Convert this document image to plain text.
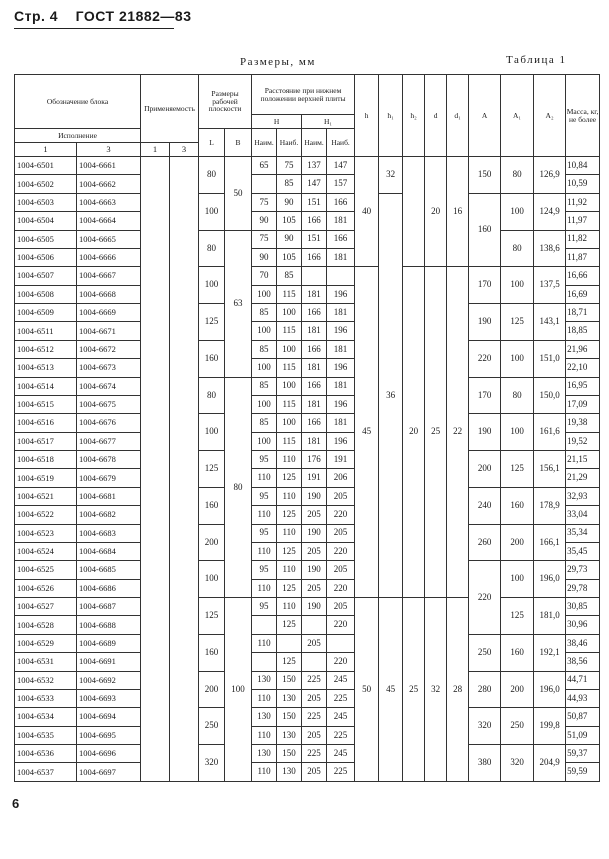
Стр. 4 ГОСТ 21882—83
Размеры, мм	Таблица 1
Обозначение блока		Применяемость		Размеры рабочей плоскости		Расстояние при нижнем положении верхней плиты				h	h₁	h₂	d	d₁	A	A₁	A₂	Масса, кг, не более
						H		H₁										
Исполнение				L	B	Наим.	Наиб.	Наим.	Наиб.									
1	3	1	3															
1004-6501	1004-6661			80	50	65	75	137	147	40	32		20	16	150	80	126,9	10,84
1004-6502	1004-6662						85	147	157									10,59
1004-6503	1004-6663			100		75	90	151	166		36				160	100	124,9	11,92
1004-6504	1004-6664					90	105	166	181									11,97
1004-6505	1004-6665			80	63	75	90	151	166							80	138,6	11,82
1004-6506	1004-6666					90	105	166	181									11,87
1004-6507	1004-6667			100		70	85			45		20	25	22	170	100	137,5	16,66
1004-6508	1004-6668					100	115	181	196									16,69
1004-6509	1004-6669			125		85	100	166	181						190	125	143,1	18,71
1004-6511	1004-6671					100	115	181	196									18,85
1004-6512	1004-6672			160		85	100	166	181						220	100	151,0	21,96
1004-6513	1004-6673					100	115	181	196									22,10
1004-6514	1004-6674			80	80	85	100	166	181						170	80	150,0	16,95
1004-6515	1004-6675					100	115	181	196									17,09
1004-6516	1004-6676			100		85	100	166	181						190	100	161,6	19,38
1004-6517	1004-6677					100	115	181	196									19,52
1004-6518	1004-6678			125		95	110	176	191						200	125	156,1	21,15
1004-6519	1004-6679					110	125	191	206									21,29
1004-6521	1004-6681			160		95	110	190	205						240	160	178,9	32,93
1004-6522	1004-6682					110	125	205	220									33,04
1004-6523	1004-6683			200		95	110	190	205						260	200	166,1	35,34
1004-6524	1004-6684					110	125	205	220									35,45
1004-6525	1004-6685			100		95	110	190	205						220	100	196,0	29,73
1004-6526	1004-6686					110	125	205	220									29,78
1004-6527	1004-6687			125	100	95	110	190	205	50	45	25	32	28		125	181,0	30,85
1004-6528	1004-6688						125		220									30,96
1004-6529	1004-6689			160		110		205							250	160	192,1	38,46
1004-6531	1004-6691						125		220									38,56
1004-6532	1004-6692			200		130	150	225	245						280	200	196,0	44,71
1004-6533	1004-6693					110	130	205	225									44,93
1004-6534	1004-6694			250		130	150	225	245						320	250	199,8	50,87
1004-6535	1004-6695					110	130	205	225									51,09
1004-6536	1004-6696			320		130	150	225	245						380	320	204,9	59,37
1004-6537	1004-6697					110	130	205	225									59,59
6
